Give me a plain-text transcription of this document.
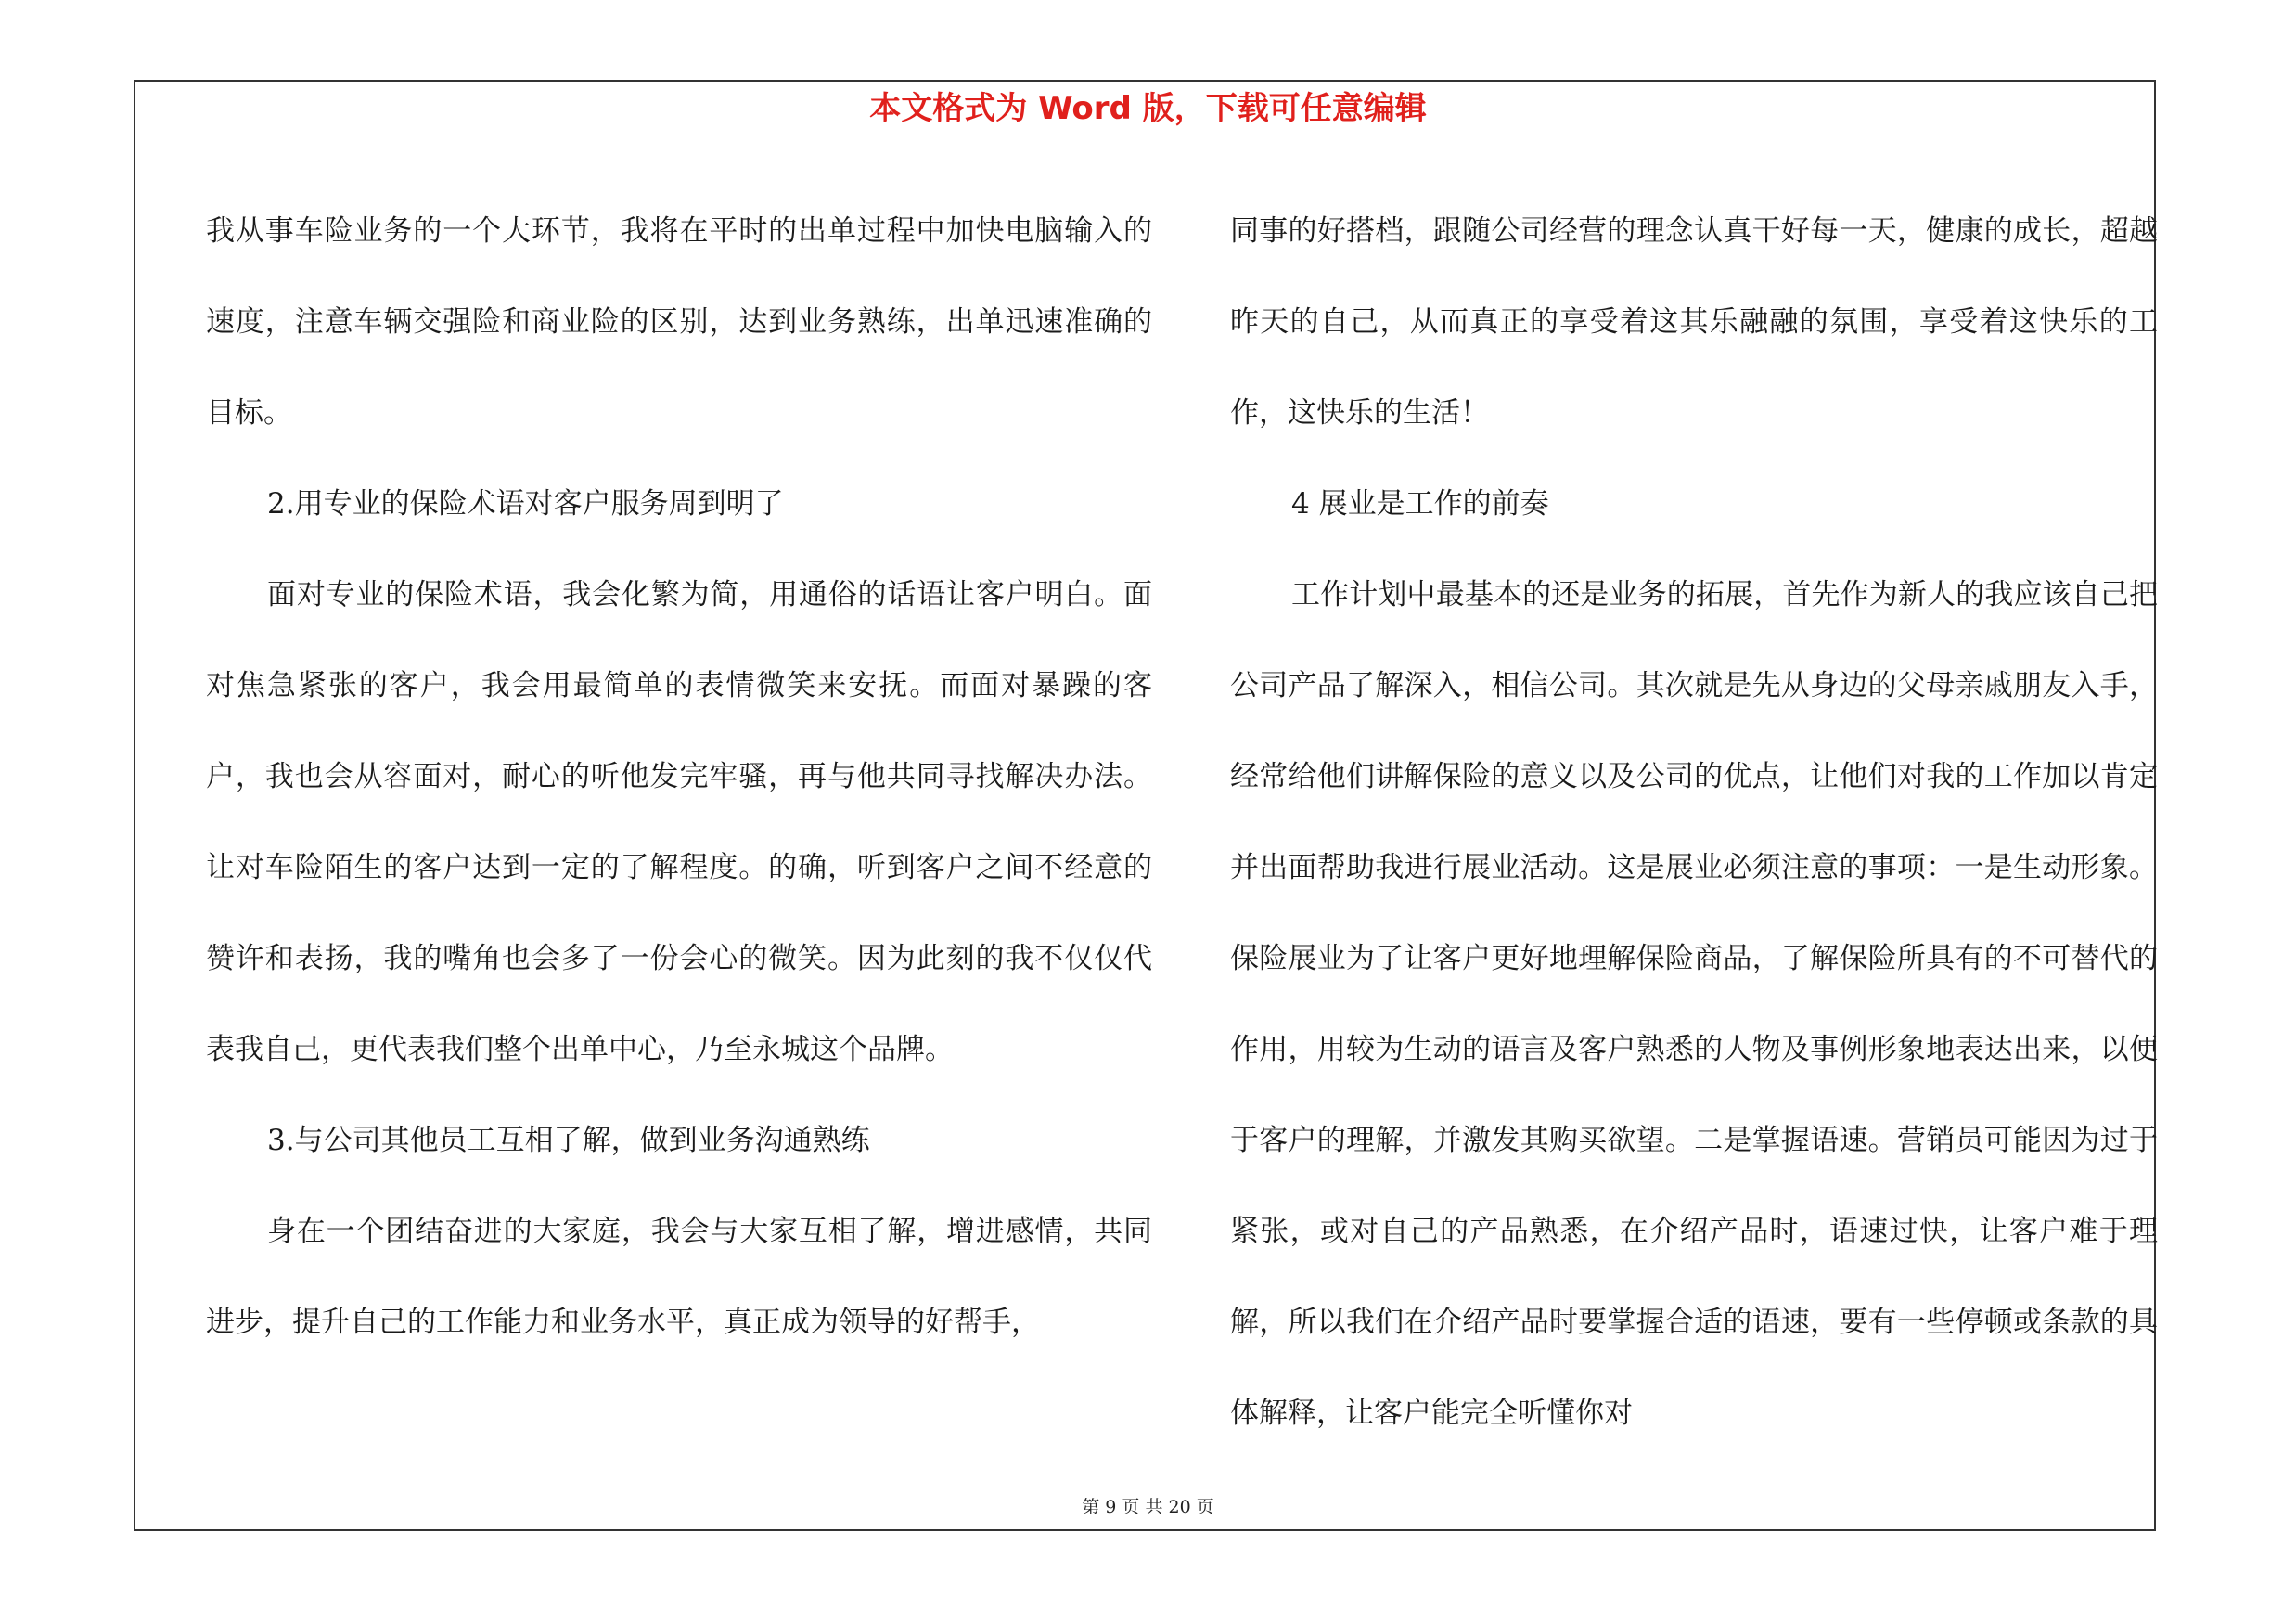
本文格式为 Word 版，下载可任意编辑

我从事车险业务的一个大环节，我将在平时的出单过程中加快电脑输入的速度，注意车辆交强险和商业险的区别，达到业务熟练，出单迅速准确的目标。

2.用专业的保险术语对客户服务周到明了

面对专业的保险术语，我会化繁为简，用通俗的话语让客户明白。面对焦急紧张的客户，我会用最简单的表情微笑来安抚。而面对暴躁的客户，我也会从容面对，耐心的听他发完牢骚，再与他共同寻找解决办法。让对车险陌生的客户达到一定的了解程度。的确，听到客户之间不经意的赞许和表扬，我的嘴角也会多了一份会心的微笑。因为此刻的我不仅仅代表我自己，更代表我们整个出单中心，乃至永城这个品牌。

3.与公司其他员工互相了解，做到业务沟通熟练

身在一个团结奋进的大家庭，我会与大家互相了解，增进感情，共同进步，提升自己的工作能力和业务水平，真正成为领导的好帮手，

同事的好搭档，跟随公司经营的理念认真干好每一天，健康的成长，超越昨天的自己，从而真正的享受着这其乐融融的氛围，享受着这快乐的工作，这快乐的生活！

4 展业是工作的前奏

工作计划中最基本的还是业务的拓展，首先作为新人的我应该自己把公司产品了解深入，相信公司。其次就是先从身边的父母亲戚朋友入手，经常给他们讲解保险的意义以及公司的优点，让他们对我的工作加以肯定并出面帮助我进行展业活动。这是展业必须注意的事项：一是生动形象。保险展业为了让客户更好地理解保险商品，了解保险所具有的不可替代的作用，用较为生动的语言及客户熟悉的人物及事例形象地表达出来，以便于客户的理解，并激发其购买欲望。二是掌握语速。营销员可能因为过于紧张，或对自己的产品熟悉，在介绍产品时，语速过快，让客户难于理解，所以我们在介绍产品时要掌握合适的语速，要有一些停顿或条款的具体解释，让客户能完全听懂你对

第 9 页 共 20 页
